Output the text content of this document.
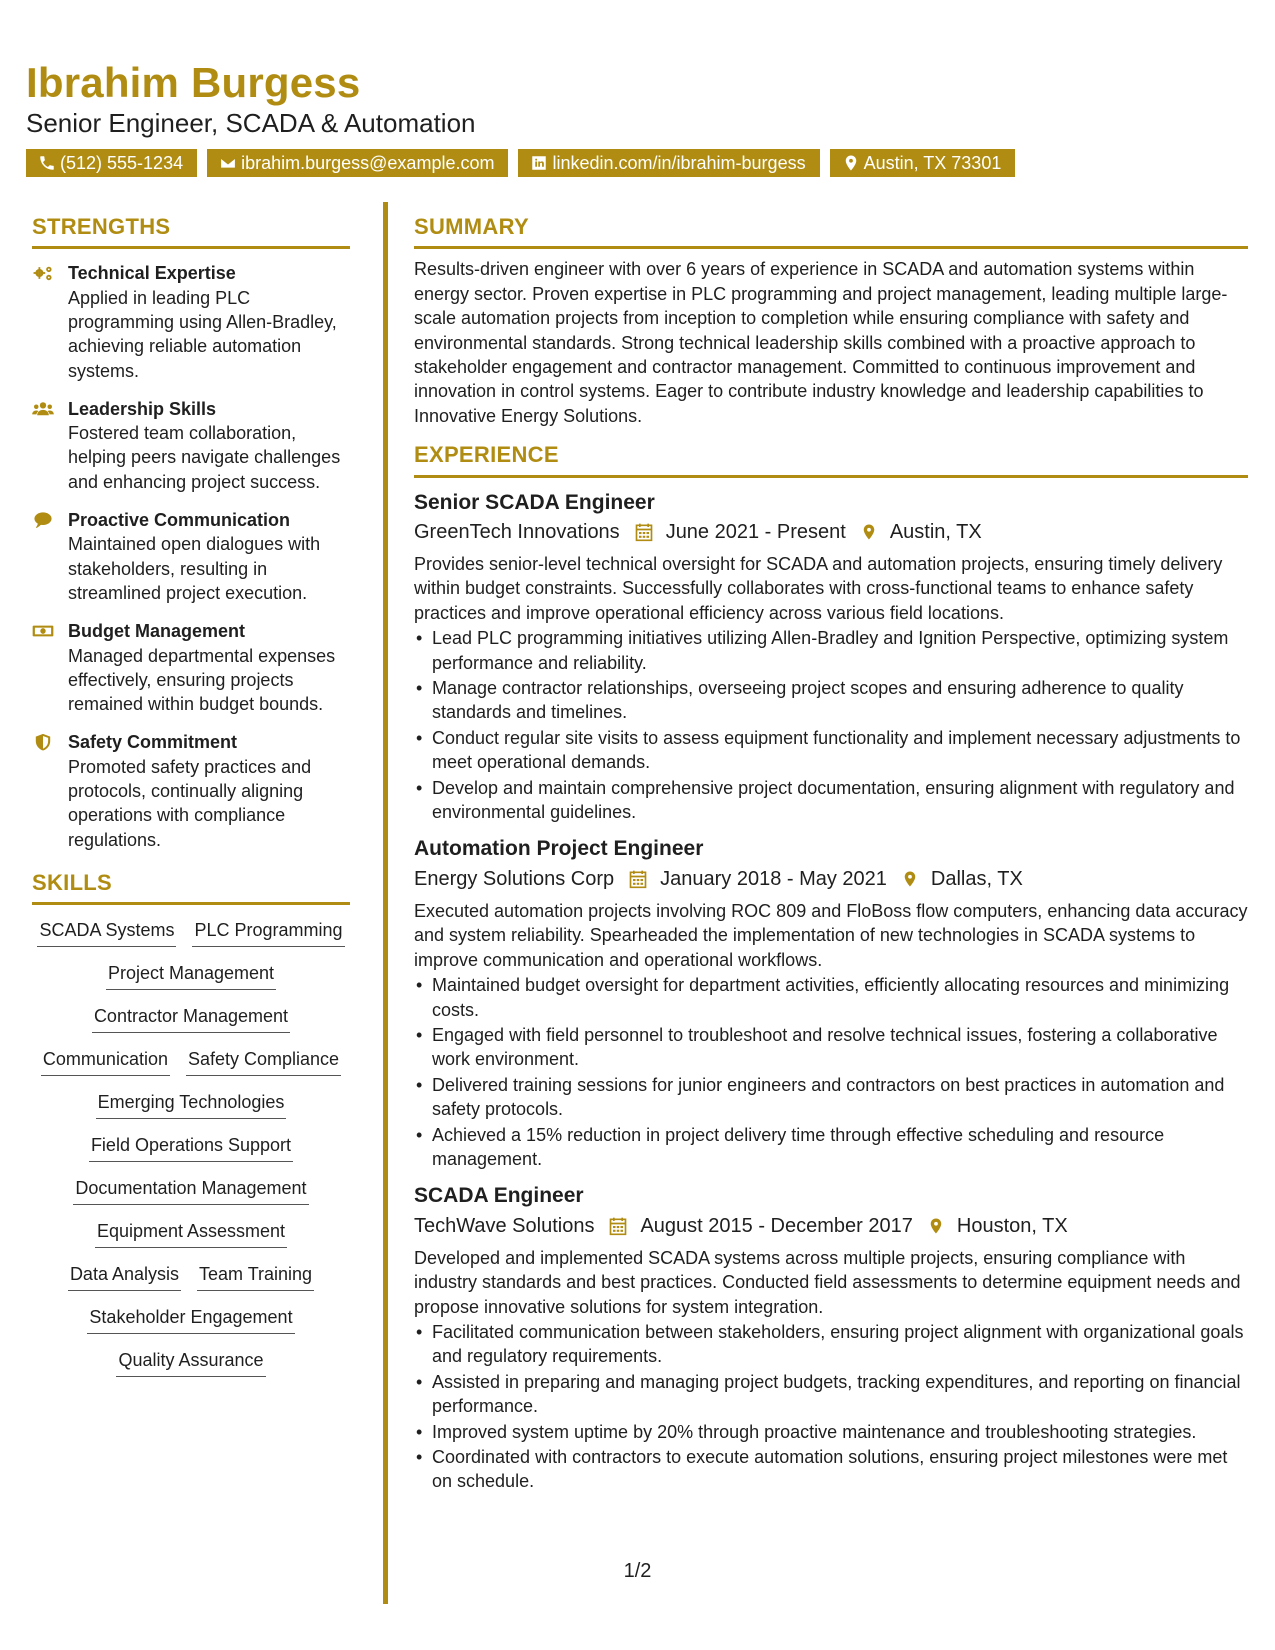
Ibrahim Burgess
Senior Engineer, SCADA & Automation
(512) 555-1234	ibrahim.burgess@example.com	linkedin.com/in/ibrahim-burgess	Austin, TX 73301
STRENGTHS
Technical Expertise
Applied in leading PLC programming using Allen-Bradley, achieving reliable automation systems.
Leadership Skills
Fostered team collaboration, helping peers navigate challenges and enhancing project success.
Proactive Communication
Maintained open dialogues with stakeholders, resulting in streamlined project execution.
Budget Management
Managed departmental expenses effectively, ensuring projects remained within budget bounds.
Safety Commitment
Promoted safety practices and protocols, continually aligning operations with compliance regulations.
SKILLS
SCADA Systems PLC Programming
Project Management
Contractor Management
Communication Safety Compliance
Emerging Technologies
Field Operations Support
Documentation Management
Equipment Assessment
Data Analysis Team Training
Stakeholder Engagement
Quality Assurance
SUMMARY

Results-driven engineer with over 6 years of experience in SCADA and automation systems within energy sector. Proven expertise in PLC programming and project management, leading multiple large-scale automation projects from inception to completion while ensuring compliance with safety and environmental standards. Strong technical leadership skills combined with a proactive approach to stakeholder engagement and contractor management. Committed to continuous improvement and innovation in control systems. Eager to contribute industry knowledge and leadership capabilities to Innovative Energy Solutions.

EXPERIENCE
Senior SCADA Engineer
GreenTech Innovations June 2021 - Present Austin, TX

Provides senior-level technical oversight for SCADA and automation projects, ensuring timely delivery within budget constraints. Successfully collaborates with cross-functional teams to enhance safety practices and improve operational efficiency across various field locations.

• Lead PLC programming initiatives utilizing Allen-Bradley and Ignition Perspective, optimizing system performance and reliability.
• Manage contractor relationships, overseeing project scopes and ensuring adherence to quality standards and timelines.
• Conduct regular site visits to assess equipment functionality and implement necessary adjustments to meet operational demands.
• Develop and maintain comprehensive project documentation, ensuring alignment with regulatory and environmental guidelines.
Automation Project Engineer
Energy Solutions Corp January 2018 - May 2021 Dallas, TX

Executed automation projects involving ROC 809 and FloBoss flow computers, enhancing data accuracy and system reliability. Spearheaded the implementation of new technologies in SCADA systems to improve communication and operational workflows.

• Maintained budget oversight for department activities, efficiently allocating resources and minimizing costs.
• Engaged with field personnel to troubleshoot and resolve technical issues, fostering a collaborative work environment.
• Delivered training sessions for junior engineers and contractors on best practices in automation and safety protocols.
• Achieved a 15% reduction in project delivery time through effective scheduling and resource management.
SCADA Engineer
TechWave Solutions August 2015 - December 2017 Houston, TX

Developed and implemented SCADA systems across multiple projects, ensuring compliance with industry standards and best practices. Conducted field assessments to determine equipment needs and propose innovative solutions for system integration.

• Facilitated communication between stakeholders, ensuring project alignment with organizational goals and regulatory requirements.
• Assisted in preparing and managing project budgets, tracking expenditures, and reporting on financial performance.
• Improved system uptime by 20% through proactive maintenance and troubleshooting strategies.
• Coordinated with contractors to execute automation solutions, ensuring project milestones were met on schedule.
1/2
